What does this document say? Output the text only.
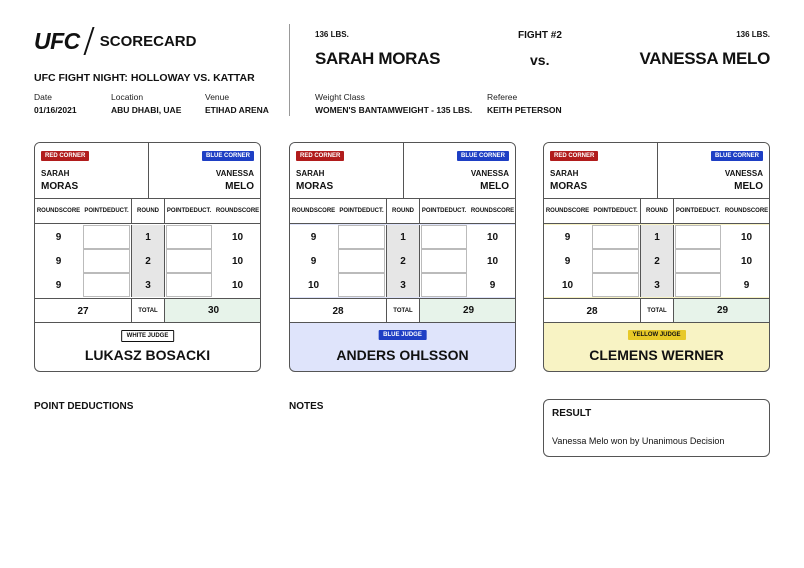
UFC SCORECARD
UFC FIGHT NIGHT: HOLLOWAY VS. KATTAR
Date
01/16/2021
Location
ABU DHABI, UAE
Venue
ETIHAD ARENA
136 LBS.
SARAH MORAS
FIGHT #2
vs.
136 LBS.
VANESSA MELO
Weight Class
WOMEN'S BANTAMWEIGHT - 135 LBS.
Referee
KEITH PETERSON
RED CORNER	BLUE CORNER
SARAH
MORAS
VANESSA
MELO
ROUND SCORE POINT DEDUCT. ROUND POINT DEDUCT. ROUND SCORE
9	1	10
9	2	10
9	3	10
27	TOTAL	30
WHITE JUDGE
LUKASZ BOSACKI
RED CORNER	BLUE CORNER
SARAH
MORAS
VANESSA
MELO
ROUND SCORE POINT DEDUCT. ROUND POINT DEDUCT. ROUND SCORE
9	1	10
9	2	10
10	3	9
28	TOTAL	29
BLUE JUDGE
ANDERS OHLSSON
RED CORNER	BLUE CORNER
SARAH
MORAS
VANESSA
MELO
ROUND SCORE POINT DEDUCT. ROUND POINT DEDUCT. ROUND SCORE
9	1	10
9	2	10
10	3	9
28	TOTAL	29
YELLOW JUDGE
CLEMENS WERNER
POINT DEDUCTIONS	NOTES
RESULT
Vanessa Melo won by Unanimous Decision
